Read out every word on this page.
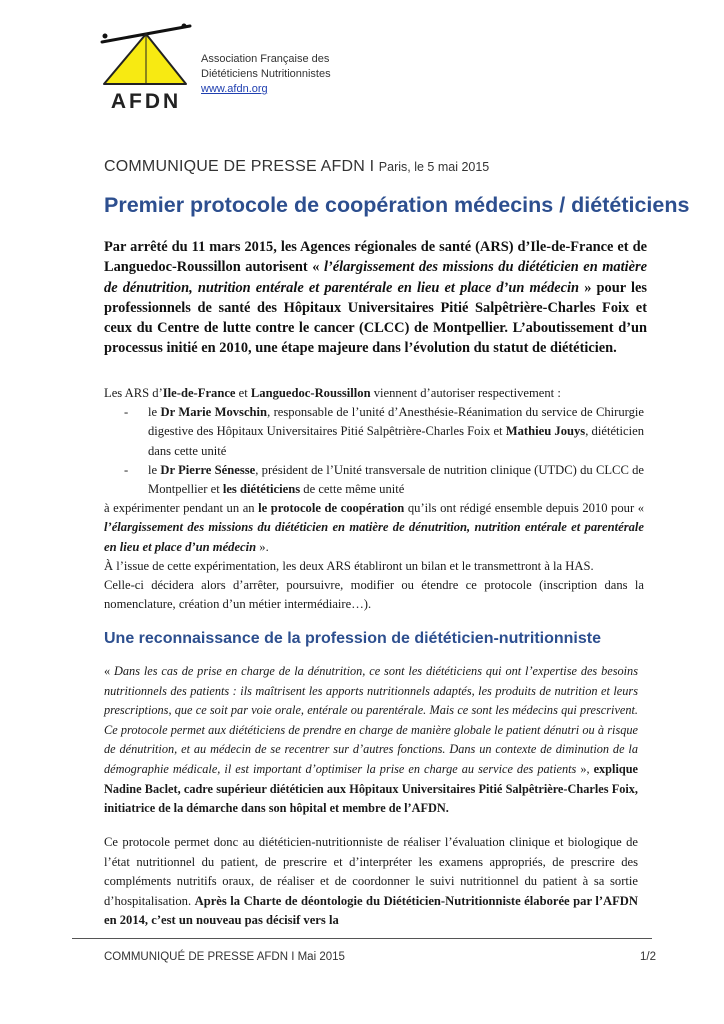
AFDN
Association Française des
Diététiciens Nutritionnistes
www.afdn.org
COMMUNIQUE DE PRESSE AFDN I Paris, le 5 mai 2015
Premier protocole de coopération médecins / diététiciens
Par arrêté du 11 mars 2015, les Agences régionales de santé (ARS) d’Ile-de-France et de Languedoc-Roussillon autorisent « l’élargissement des missions du diététicien en matière de dénutrition, nutrition entérale et parentérale en lieu et place d’un médecin » pour les professionnels de santé des Hôpitaux Universitaires Pitié Salpêtrière-Charles Foix et ceux du Centre de lutte contre le cancer (CLCC) de Montpellier. L’aboutissement d’un processus initié en 2010, une étape majeure dans l’évolution du statut de diététicien.

Les ARS d’Ile-de-France et Languedoc-Roussillon viennent d’autoriser respectivement :

- le Dr Marie Movschin, responsable de l’unité d’Anesthésie-Réanimation du service de Chirurgie digestive des Hôpitaux Universitaires Pitié Salpêtrière-Charles Foix et Mathieu Jouys, diététicien dans cette unité

- le Dr Pierre Sénesse, président de l’Unité transversale de nutrition clinique (UTDC) du CLCC de Montpellier et les diététiciens de cette même unité

à expérimenter pendant un an le protocole de coopération qu’ils ont rédigé ensemble depuis 2010 pour « l’élargissement des missions du diététicien en matière de dénutrition, nutrition entérale et parentérale en lieu et place d’un médecin ».

À l’issue de cette expérimentation, les deux ARS établiront un bilan et le transmettront à la HAS.

Celle-ci décidera alors d’arrêter, poursuivre, modifier ou étendre ce protocole (inscription dans la nomenclature, création d’un métier intermédiaire…).

Une reconnaissance de la profession de diététicien-nutritionniste
« Dans les cas de prise en charge de la dénutrition, ce sont les diététiciens qui ont l’expertise des besoins nutritionnels des patients : ils maîtrisent les apports nutritionnels adaptés, les produits de nutrition et leurs prescriptions, que ce soit par voie orale, entérale ou parentérale. Mais ce sont les médecins qui prescrivent. Ce protocole permet aux diététiciens de prendre en charge de manière globale le patient dénutri ou à risque de dénutrition, et au médecin de se recentrer sur d’autres fonctions. Dans un contexte de diminution de la démographie médicale, il est important d’optimiser la prise en charge au service des patients », explique Nadine Baclet, cadre supérieur diététicien aux Hôpitaux Universitaires Pitié Salpêtrière-Charles Foix, initiatrice de la démarche dans son hôpital et membre de l’AFDN.
Ce protocole permet donc au diététicien-nutritionniste de réaliser l’évaluation clinique et biologique de l’état nutritionnel du patient, de prescrire et d’interpréter les examens appropriés, de prescrire des compléments nutritifs oraux, de réaliser et de coordonner le suivi nutritionnel du patient à sa sortie d’hospitalisation. Après la Charte de déontologie du Diététicien-Nutritionniste élaborée par l’AFDN en 2014, c’est un nouveau pas décisif vers la
COMMUNIQUÉ DE PRESSE AFDN I Mai 2015	1/2
